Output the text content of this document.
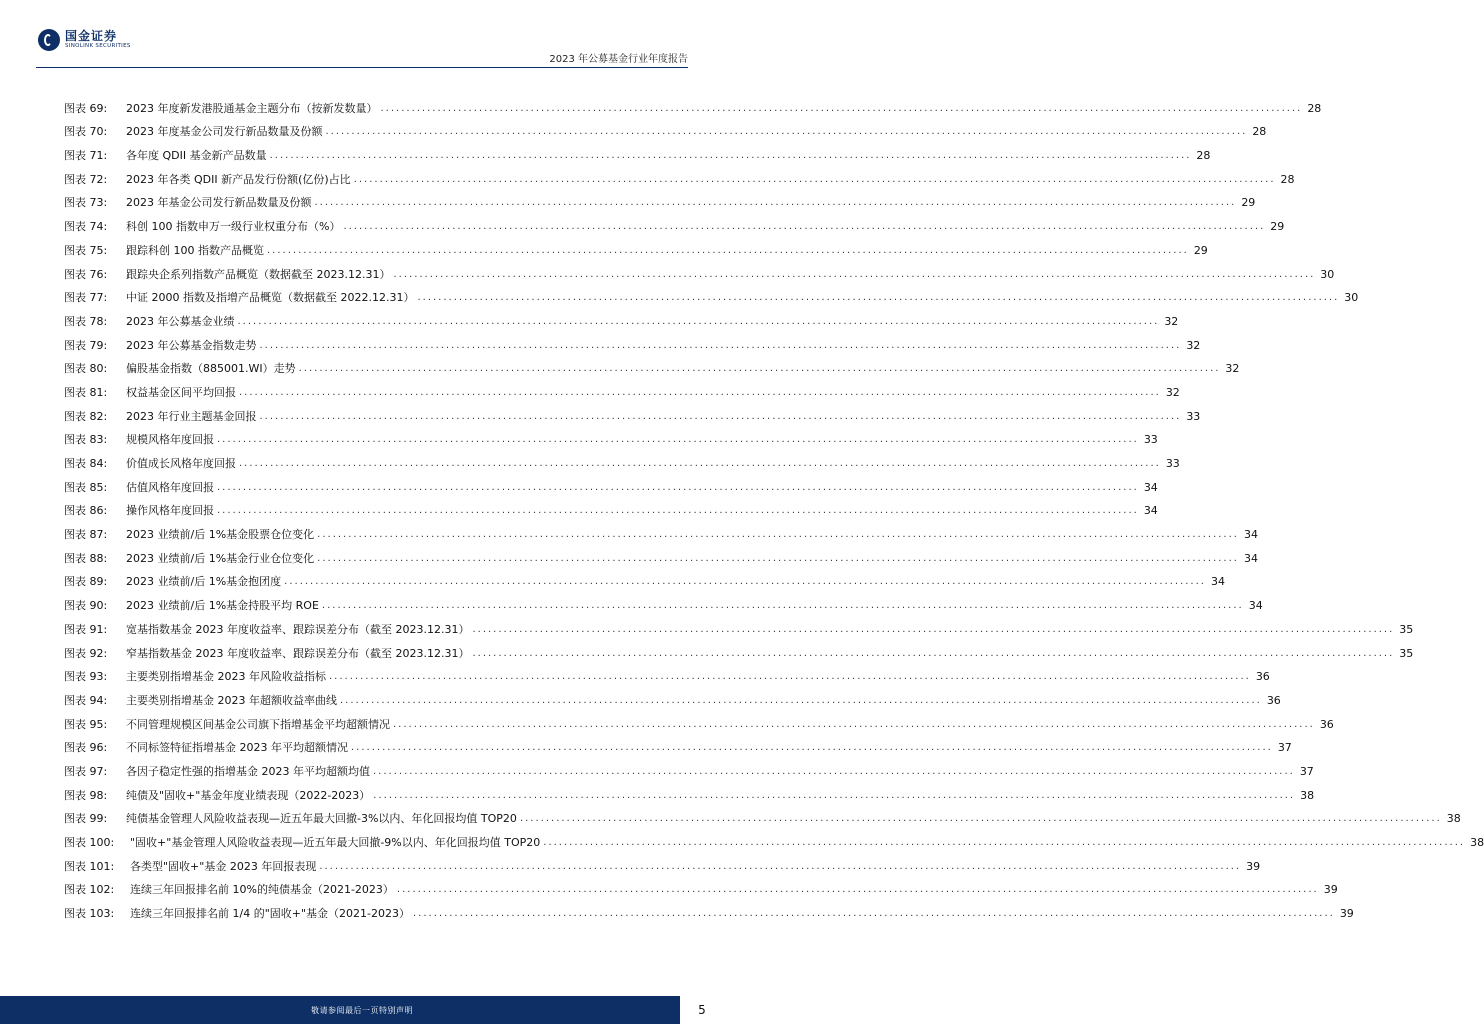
国金证券
SINOLINK SECURITIES
2023 年公募基金行业年度报告
图表 69:	2023 年度新发港股通基金主题分布（按新发数量） .....	28
图表 70:	2023 年度基金公司发行新品数量及份额 .....	28
图表 71:	各年度 QDII 基金新产品数量 .....	28
图表 72:	2023 年各类 QDII 新产品发行份额(亿份)占比 .....	28
图表 73:	2023 年基金公司发行新品数量及份额 .....	29
图表 74:	科创 100 指数申万一级行业权重分布（%） .....	29
图表 75:	跟踪科创 100 指数产品概览 .....	29
图表 76:	跟踪央企系列指数产品概览（数据截至 2023.12.31） .....	30
图表 77:	中证 2000 指数及指增产品概览（数据截至 2022.12.31） .....	30
图表 78:	2023 年公募基金业绩 .....	32
图表 79:	2023 年公募基金指数走势 .....	32
图表 80:	偏股基金指数（885001.WI）走势 .....	32
图表 81:	权益基金区间平均回报 .....	32
图表 82:	2023 年行业主题基金回报 .....	33
图表 83:	规模风格年度回报 .....	33
图表 84:	价值成长风格年度回报 .....	33
图表 85:	估值风格年度回报 .....	34
图表 86:	操作风格年度回报 .....	34
图表 87:	2023 业绩前/后 1%基金股票仓位变化 .....	34
图表 88:	2023 业绩前/后 1%基金行业仓位变化 .....	34
图表 89:	2023 业绩前/后 1%基金抱团度 .....	34
图表 90:	2023 业绩前/后 1%基金持股平均 ROE .....	34
图表 91:	宽基指数基金 2023 年度收益率、跟踪误差分布（截至 2023.12.31） .....	35
图表 92:	窄基指数基金 2023 年度收益率、跟踪误差分布（截至 2023.12.31） .....	35
图表 93:	主要类别指增基金 2023 年风险收益指标 .....	36
图表 94:	主要类别指增基金 2023 年超额收益率曲线 .....	36
图表 95:	不同管理规模区间基金公司旗下指增基金平均超额情况 .....	36
图表 96:	不同标签特征指增基金 2023 年平均超额情况 .....	37
图表 97:	各因子稳定性强的指增基金 2023 年平均超额均值 .....	37
图表 98:	纯债及"固收+"基金年度业绩表现（2022-2023） .....	38
图表 99:	纯债基金管理人风险收益表现—近五年最大回撤-3%以内、年化回报均值 TOP20 .....	38
图表 100:	"固收+"基金管理人风险收益表现—近五年最大回撤-9%以内、年化回报均值 TOP20 .....	38
图表 101:	各类型"固收+"基金 2023 年回报表现 .....	39
图表 102:	连续三年回报排名前 10%的纯债基金（2021-2023） .....	39
图表 103:	连续三年回报排名前 1/4 的"固收+"基金（2021-2023） .....	39
敬请参阅最后一页特别声明	5
